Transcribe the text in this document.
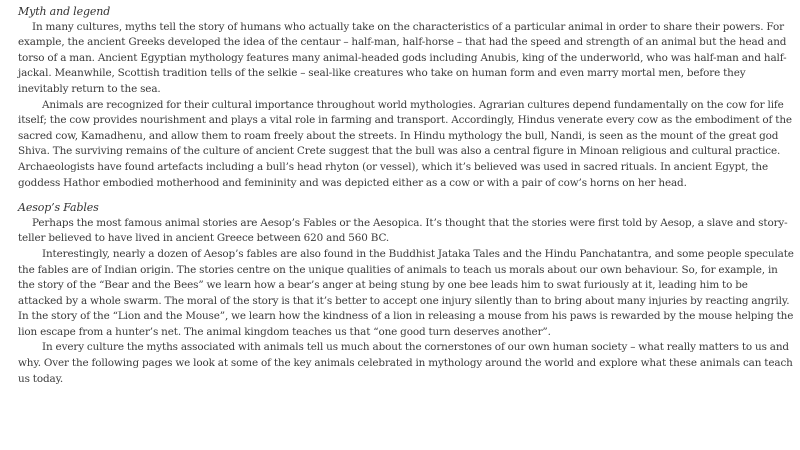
Myth and legend

In many cultures, myths tell the story of humans who actually take on the characteristics of a particular animal in order to share their powers. For example, the ancient Greeks developed the idea of the centaur – half-man, half-horse – that had the speed and strength of an animal but the head and torso of a man. Ancient Egyptian mythology features many animal-headed gods including Anubis, king of the underworld, who was half-man and half-jackal. Meanwhile, Scottish tradition tells of the selkie – seal-like creatures who take on human form and even marry mortal men, before they inevitably return to the sea.

Animals are recognized for their cultural importance throughout world mythologies. Agrarian cultures depend fundamentally on the cow for life itself; the cow provides nourishment and plays a vital role in farming and transport. Accordingly, Hindus venerate every cow as the embodiment of the sacred cow, Kamadhenu, and allow them to roam freely about the streets. In Hindu mythology the bull, Nandi, is seen as the mount of the great god Shiva. The surviving remains of the culture of ancient Crete suggest that the bull was also a central figure in Minoan religious and cultural practice. Archaeologists have found artefacts including a bull’s head rhyton (or vessel), which it’s believed was used in sacred rituals. In ancient Egypt, the goddess Hathor embodied motherhood and femininity and was depicted either as a cow or with a pair of cow’s horns on her head.

Aesop’s Fables

Perhaps the most famous animal stories are Aesop’s Fables or the Aesopica. It’s thought that the stories were first told by Aesop, a slave and story-teller believed to have lived in ancient Greece between 620 and 560 BC.

Interestingly, nearly a dozen of Aesop’s fables are also found in the Buddhist Jataka Tales and the Hindu Panchatantra, and some people speculate the fables are of Indian origin. The stories centre on the unique qualities of animals to teach us morals about our own behaviour. So, for example, in the story of the “Bear and the Bees” we learn how a bear’s anger at being stung by one bee leads him to swat furiously at it, leading him to be attacked by a whole swarm. The moral of the story is that it’s better to accept one injury silently than to bring about many injuries by reacting angrily. In the story of the “Lion and the Mouse”, we learn how the kindness of a lion in releasing a mouse from his paws is rewarded by the mouse helping the lion escape from a hunter’s net. The animal kingdom teaches us that “one good turn deserves another”.

In every culture the myths associated with animals tell us much about the cornerstones of our own human society – what really matters to us and why. Over the following pages we look at some of the key animals celebrated in mythology around the world and explore what these animals can teach us today.
